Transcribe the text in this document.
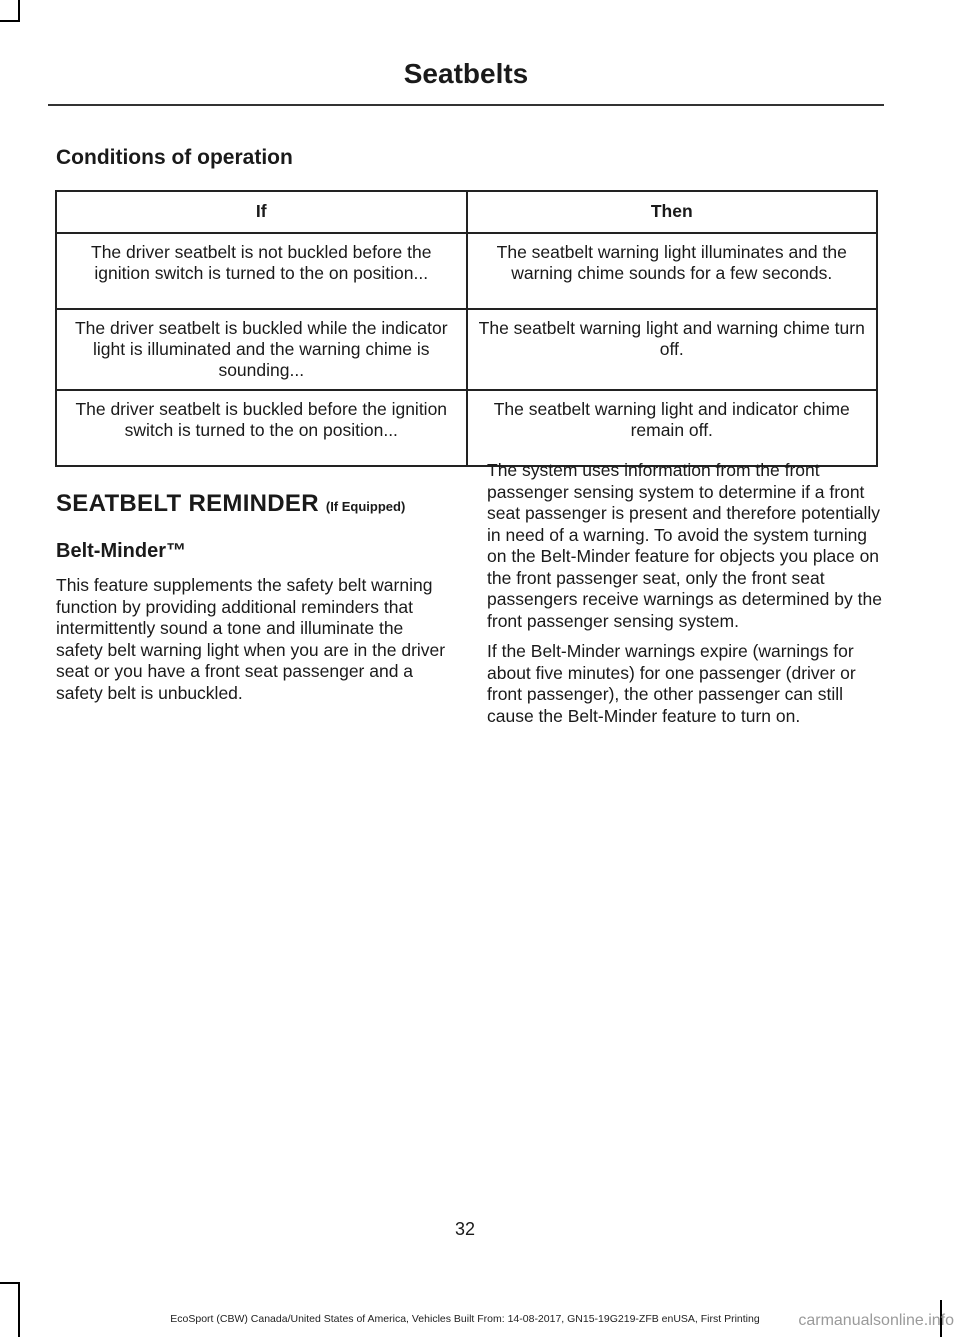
Seatbelts
Conditions of operation
If	Then
The driver seatbelt is not buckled before the ignition switch is turned to the on position...	The seatbelt warning light illuminates and the warning chime sounds for a few seconds.
The driver seatbelt is buckled while the indicator light is illuminated and the warning chime is sounding...	The seatbelt warning light and warning chime turn off.
The driver seatbelt is buckled before the ignition switch is turned to the on position...	The seatbelt warning light and indicator chime remain off.
SEATBELT REMINDER (If Equipped)
Belt-Minder™

This feature supplements the safety belt warning function by providing additional reminders that intermittently sound a tone and illuminate the safety belt warning light when you are in the driver seat or you have a front seat passenger and a safety belt is unbuckled.

The system uses information from the front passenger sensing system to determine if a front seat passenger is present and therefore potentially in need of a warning. To avoid the system turning on the Belt-Minder feature for objects you place on the front passenger seat, only the front seat passengers receive warnings as determined by the front passenger sensing system.

If the Belt-Minder warnings expire (warnings for about five minutes) for one passenger (driver or front passenger), the other passenger can still cause the Belt-Minder feature to turn on.

32
EcoSport (CBW) Canada/United States of America, Vehicles Built From: 14-08-2017, GN15-19G219-ZFB enUSA, First Printing	carmanualsonline.info
